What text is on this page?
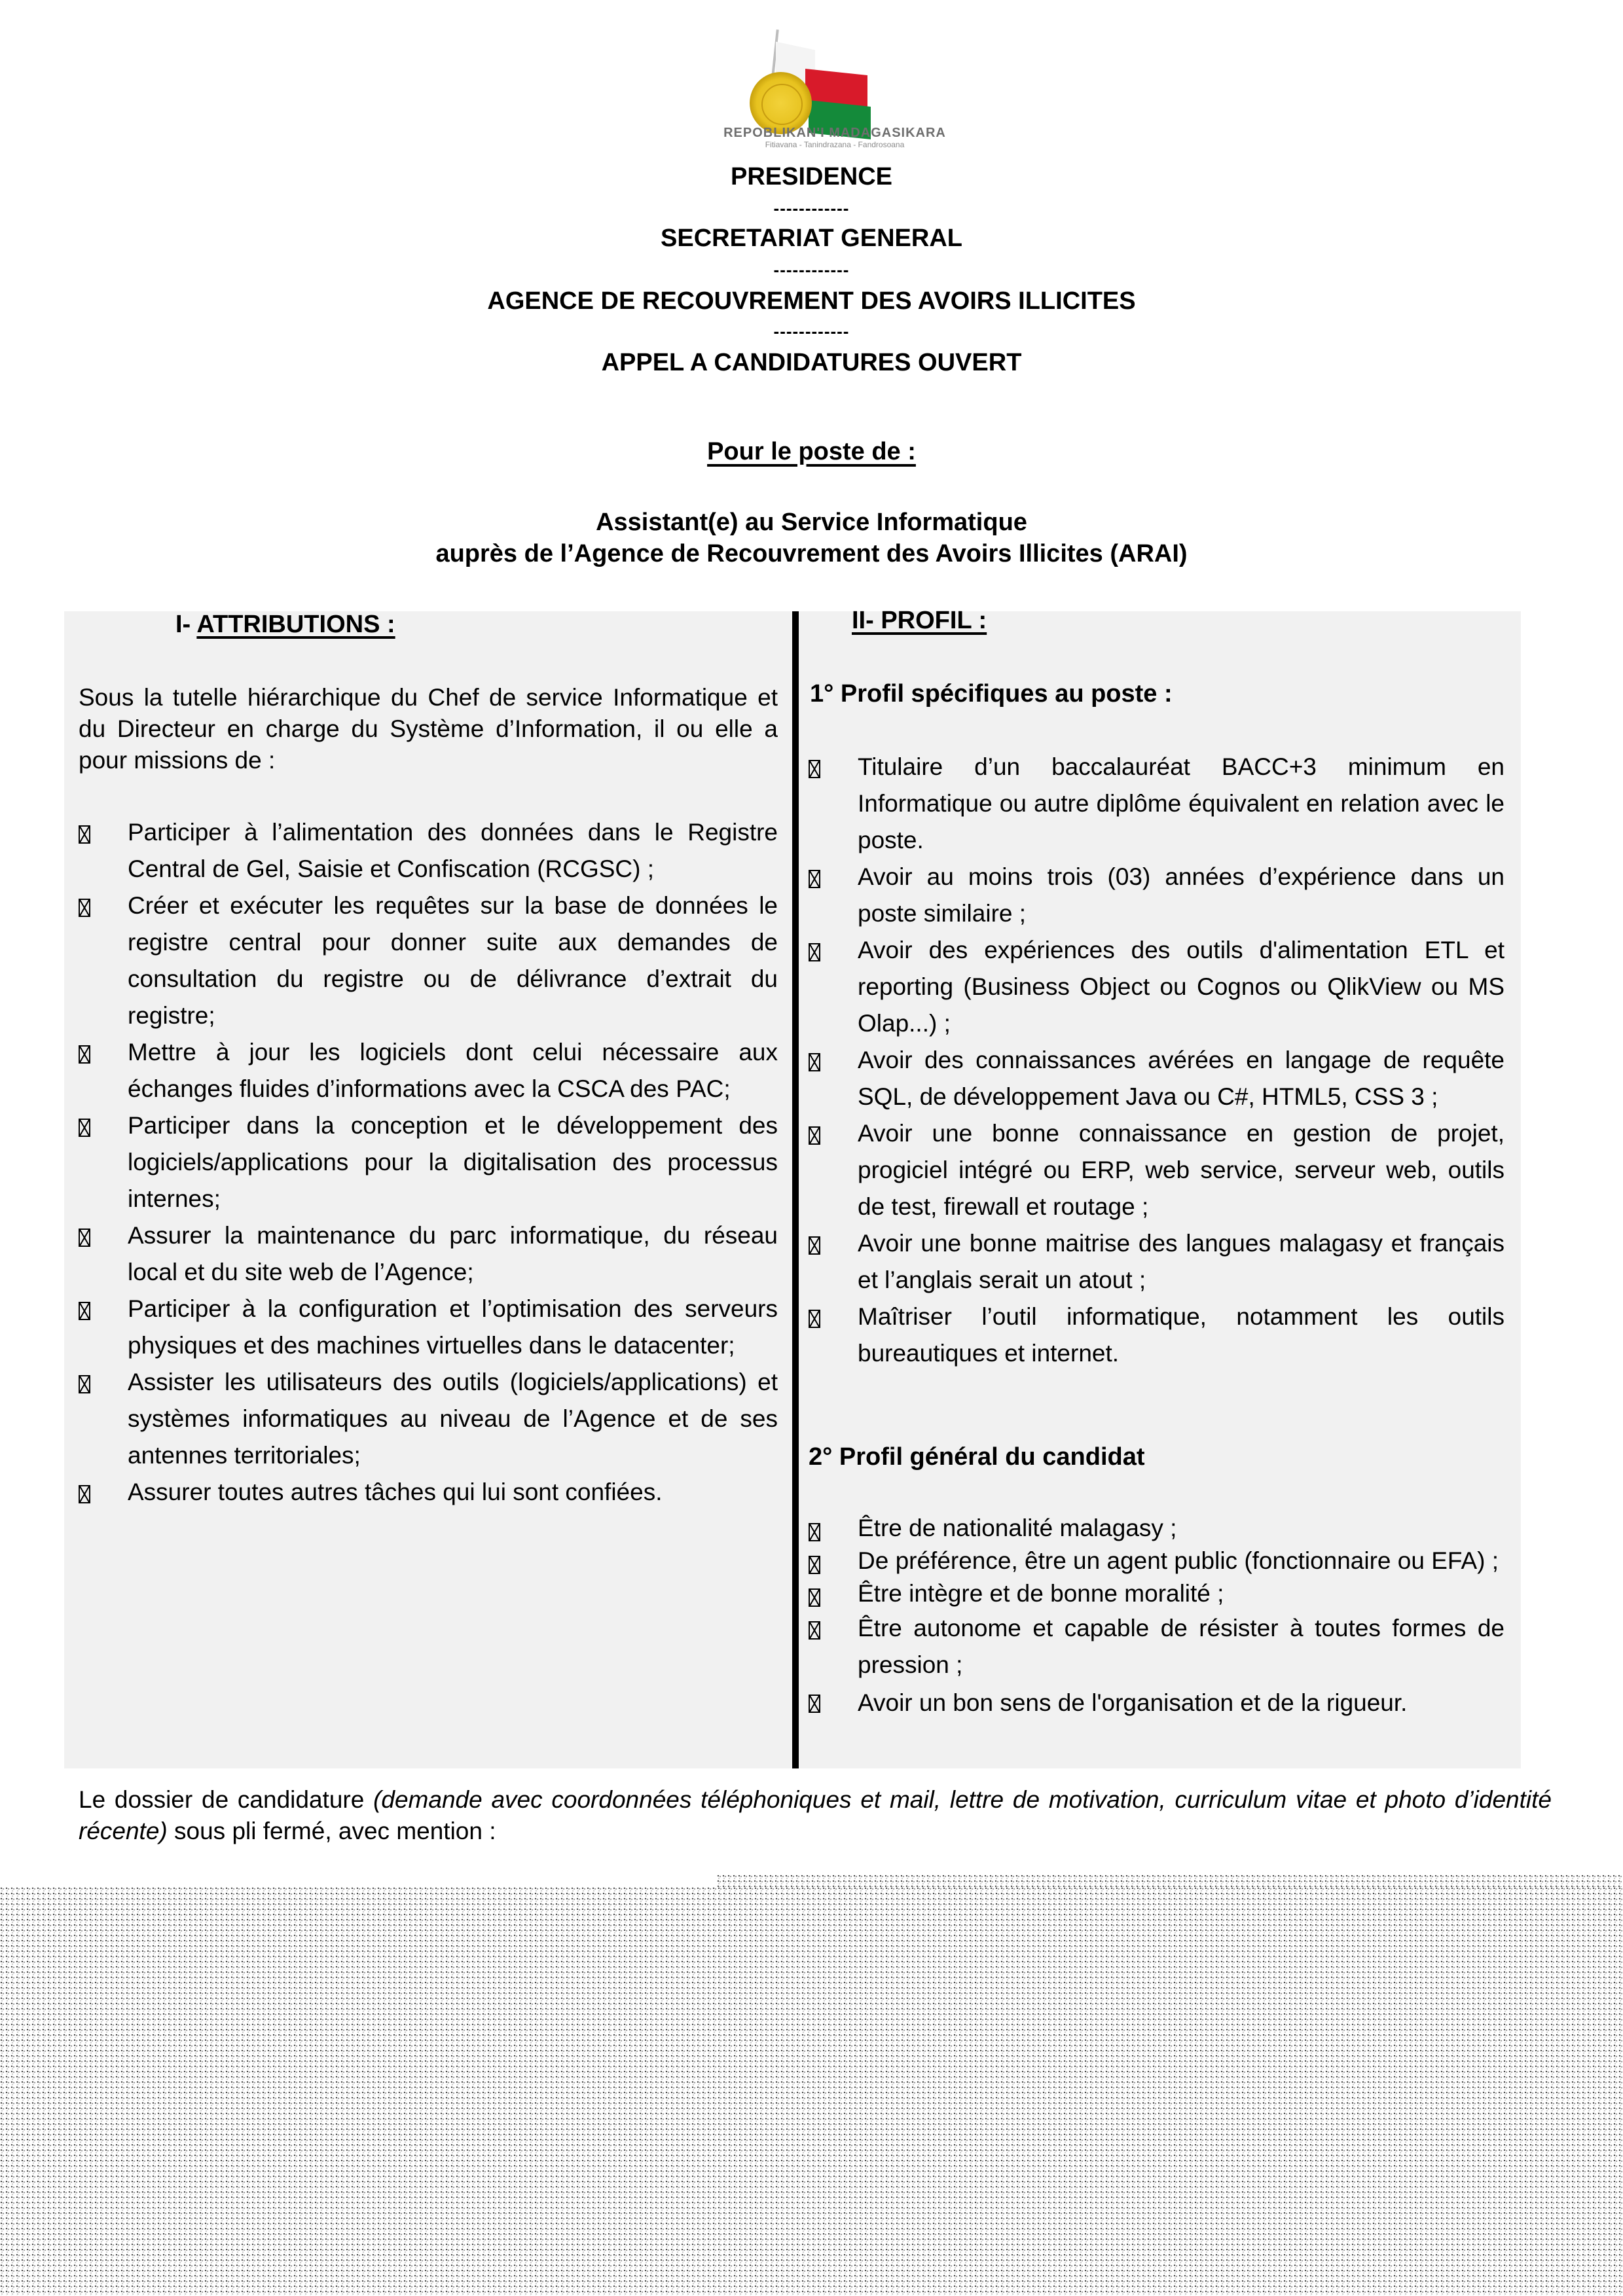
REPOBLIKAN'I MADAGASIKARA
Fitiavana - Tanindrazana - Fandrosoana
PRESIDENCE
------------
SECRETARIAT GENERAL
------------
AGENCE DE RECOUVREMENT DES AVOIRS ILLICITES
------------
APPEL A CANDIDATURES OUVERT
Pour le poste de :
Assistant(e) au Service Informatique
auprès de l’Agence de Recouvrement des Avoirs Illicites (ARAI)
I- ATTRIBUTIONS :
Sous la tutelle hiérarchique du Chef de service Informatique et du Directeur en charge du Système d’Information, il ou elle a pour missions de :
Participer à l’alimentation des données dans le Registre Central de Gel, Saisie et Confiscation (RCGSC) ;
Créer et exécuter les requêtes sur la base de données le registre central pour donner suite aux demandes de consultation du registre ou de délivrance d’extrait du registre;
Mettre à jour les logiciels dont celui nécessaire aux échanges fluides d’informations avec la CSCA des PAC;
Participer dans la conception et le développement des logiciels/applications pour la digitalisation des processus internes;
Assurer la maintenance du parc informatique, du réseau local et du site web de l’Agence;
Participer à la configuration et l’optimisation des serveurs physiques et des machines virtuelles dans le datacenter;
Assister les utilisateurs des outils (logiciels/applications) et systèmes informatiques au niveau de l’Agence et de ses antennes territoriales;
Assurer toutes autres tâches qui lui sont confiées.
II- PROFIL :
1° Profil spécifiques au poste :
Titulaire d’un baccalauréat BACC+3 minimum en Informatique ou autre diplôme équivalent en relation avec le poste.
Avoir au moins trois (03) années d’expérience dans un poste similaire ;
Avoir des expériences des outils d'alimentation ETL et reporting (Business Object ou Cognos ou QlikView ou MS Olap...) ;
Avoir des connaissances avérées en langage de requête SQL, de développement Java ou C#, HTML5, CSS 3 ;
Avoir une bonne connaissance en gestion de projet, progiciel intégré ou ERP, web service, serveur web, outils de test, firewall et routage ;
Avoir une bonne maitrise des langues malagasy et français et l’anglais serait un atout ;
Maîtriser l’outil informatique, notamment les outils bureautiques et internet.
2° Profil général du candidat
Être de nationalité malagasy ;
De préférence, être un agent public (fonctionnaire ou EFA) ;
Être intègre et de bonne moralité ;
Être autonome et capable de résister à toutes formes de pression ;
Avoir un bon sens de l'organisation et de la rigueur.
Le dossier de candidature (demande avec coordonnées téléphoniques et mail, lettre de motivation, curriculum vitae et photo d’identité récente) sous pli fermé, avec mention :
